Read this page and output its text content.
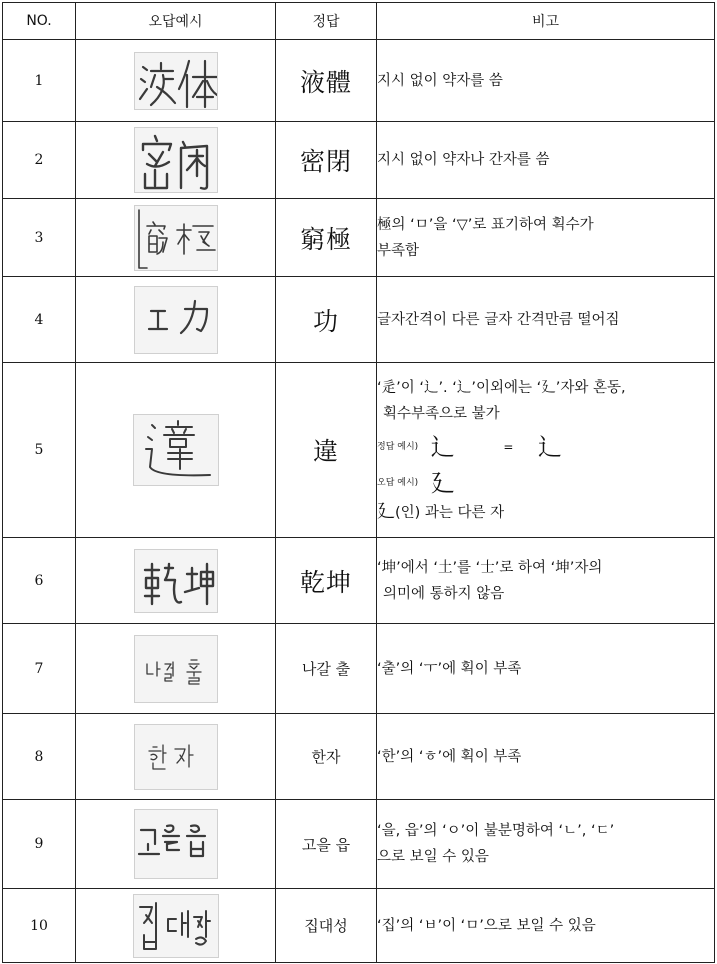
NO.	오답예시	정답	비고
1		液體	지시 없이 약자를 씀
2		密閉	지시 없이 약자나 간자를 씀
3		窮極	極의 ‘ㅁ’을 ‘▽’로 표기하여 획수가
부족함

4		功	글자간격이 다른 글자 간격만큼 떨어짐
5		違	‘辵’이 ‘辶’. ‘辶’이외에는 ‘廴’자와 혼동,
획수부족으로 불가
정답 예시) 辶 = 辶
오답 예시) 廴
廴(인) 과는 다른 자

6		乾坤	‘坤’에서 ‘土’를 ‘士’로 하여 ‘坤’자의
의미에 통하지 않음

7		나갈 출	‘출’의 ‘ㅜ’에 획이 부족
8		한자	‘한’의 ‘ㅎ’에 획이 부족
9		고을 읍	‘을, 읍’의 ‘ㅇ’이 불분명하여 ‘ㄴ’, ‘ㄷ’
으로 보일 수 있음

10		집대성	‘집’의 ‘ㅂ’이 ‘ㅁ’으로 보일 수 있음
